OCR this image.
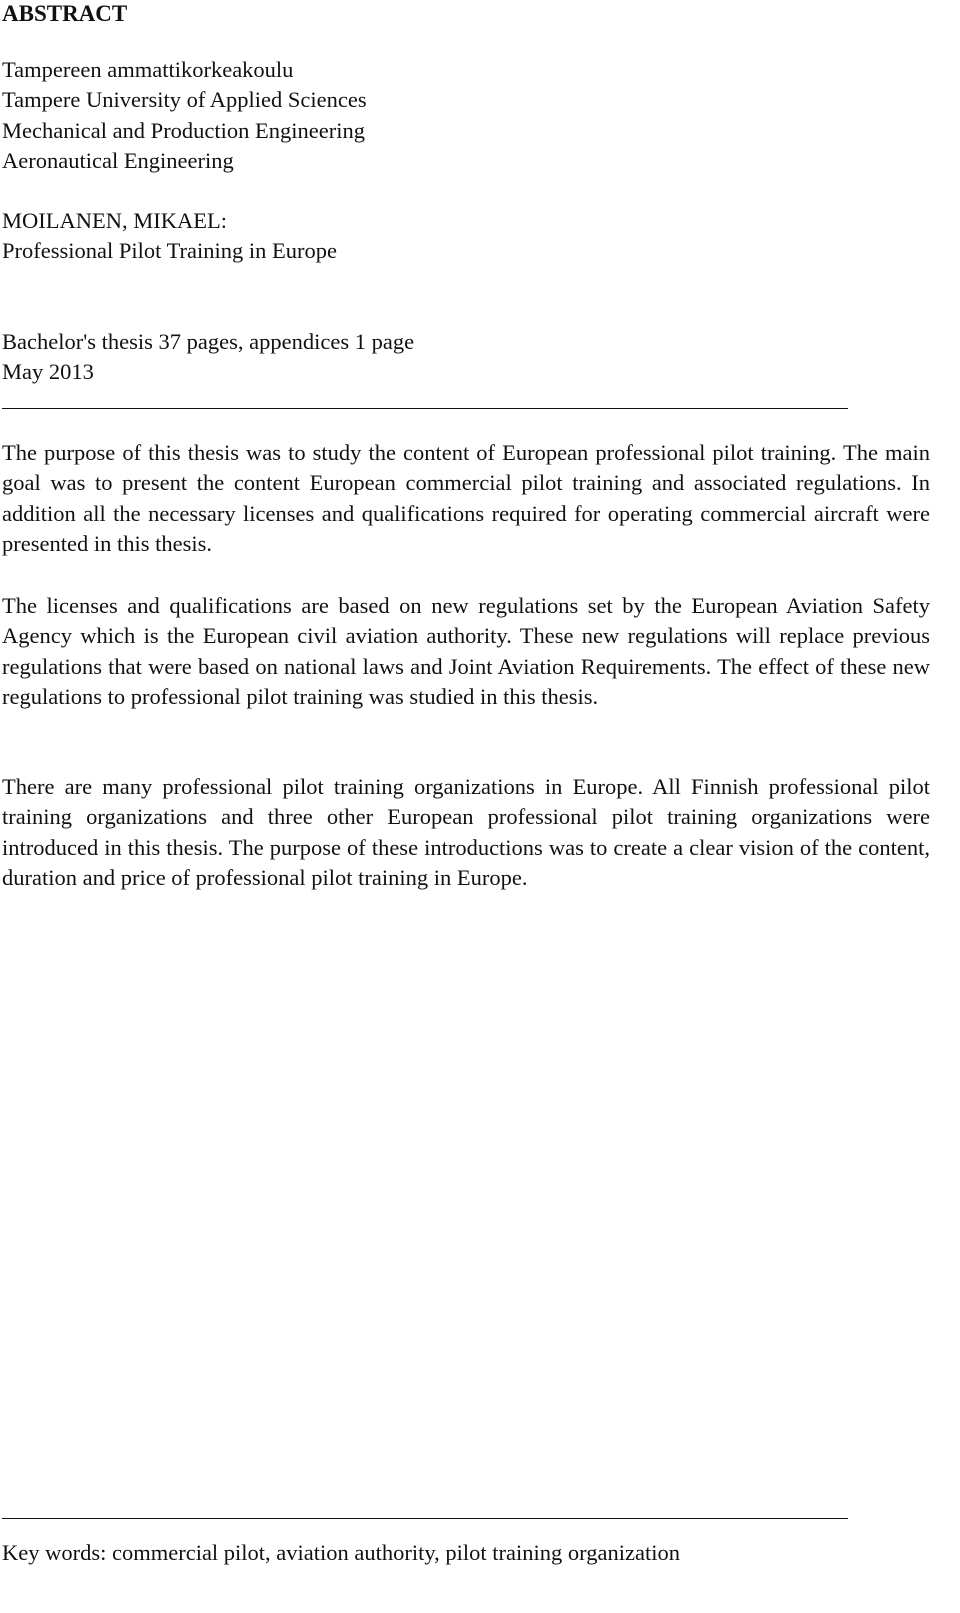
ABSTRACT
Tampereen ammattikorkeakoulu
Tampere University of Applied Sciences
Mechanical and Production Engineering
Aeronautical Engineering
MOILANEN, MIKAEL:
Professional Pilot Training in Europe
Bachelor's thesis 37 pages, appendices 1 page
May 2013
The purpose of this thesis was to study the content of European professional pilot training. The main goal was to present the content European commercial pilot training and associated regulations. In addition all the necessary licenses and qualifications required for operating commercial aircraft were presented in this thesis.
The licenses and qualifications are based on new regulations set by the European Aviation Safety Agency which is the European civil aviation authority. These new regulations will replace previous regulations that were based on national laws and Joint Aviation Requirements. The effect of these new regulations to professional pilot training was studied in this thesis.
There are many professional pilot training organizations in Europe. All Finnish professional pilot training organizations and three other European professional pilot training organizations were introduced in this thesis. The purpose of these introductions was to create a clear vision of the content, duration and price of professional pilot training in Europe.
Key words: commercial pilot, aviation authority, pilot training organization
